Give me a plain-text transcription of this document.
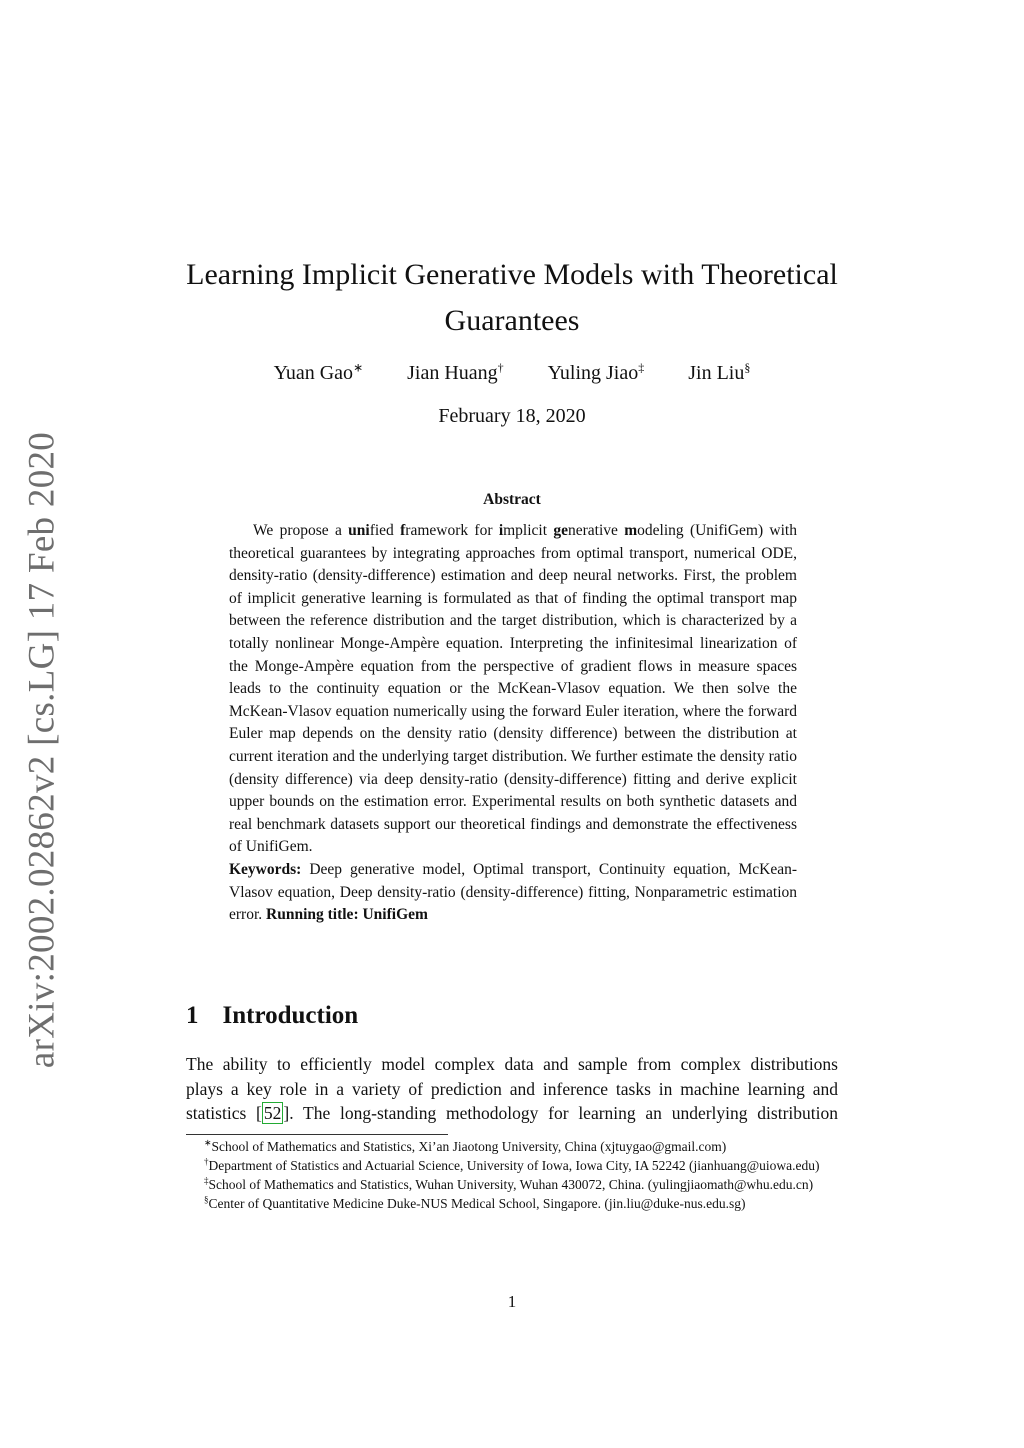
arXiv:2002.02862v2 [cs.LG] 17 Feb 2020
Learning Implicit Generative Models with Theoretical Guarantees
Yuan Gao∗ Jian Huang† Yuling Jiao‡ Jin Liu§
February 18, 2020
Abstract

We propose a unified framework for implicit generative modeling (UnifiGem) with theoretical guarantees by integrating approaches from optimal transport, numerical ODE, density-ratio (density-difference) estimation and deep neural networks. First, the problem of implicit generative learning is formulated as that of finding the optimal transport map between the reference distribution and the target distribution, which is characterized by a totally nonlinear Monge-Ampère equation. Interpreting the infinitesimal linearization of the Monge-Ampère equation from the perspective of gradient flows in measure spaces leads to the continuity equation or the McKean-Vlasov equation. We then solve the McKean-Vlasov equation numerically using the forward Euler iteration, where the forward Euler map depends on the density ratio (density difference) between the distribution at current iteration and the underlying target distribution. We further estimate the density ratio (density difference) via deep density-ratio (density-difference) fitting and derive explicit upper bounds on the estimation error. Experimental results on both synthetic datasets and real benchmark datasets support our theoretical findings and demonstrate the effectiveness of UnifiGem.

Keywords: Deep generative model, Optimal transport, Continuity equation, McKean-Vlasov equation, Deep density-ratio (density-difference) fitting, Nonparametric estimation error. Running title: UnifiGem

1 Introduction

The ability to efficiently model complex data and sample from complex distributions

plays a key role in a variety of prediction and inference tasks in machine learning and

statistics [ 52 ]. The long-standing methodology for learning an underlying distribution

∗School of Mathematics and Statistics, Xi’an Jiaotong University, China (xjtuygao@gmail.com)

†Department of Statistics and Actuarial Science, University of Iowa, Iowa City, IA 52242 (jianhuang@uiowa.edu)

‡School of Mathematics and Statistics, Wuhan University, Wuhan 430072, China. (yulingjiaomath@whu.edu.cn)

§Center of Quantitative Medicine Duke-NUS Medical School, Singapore. (jin.liu@duke-nus.edu.sg)

1
